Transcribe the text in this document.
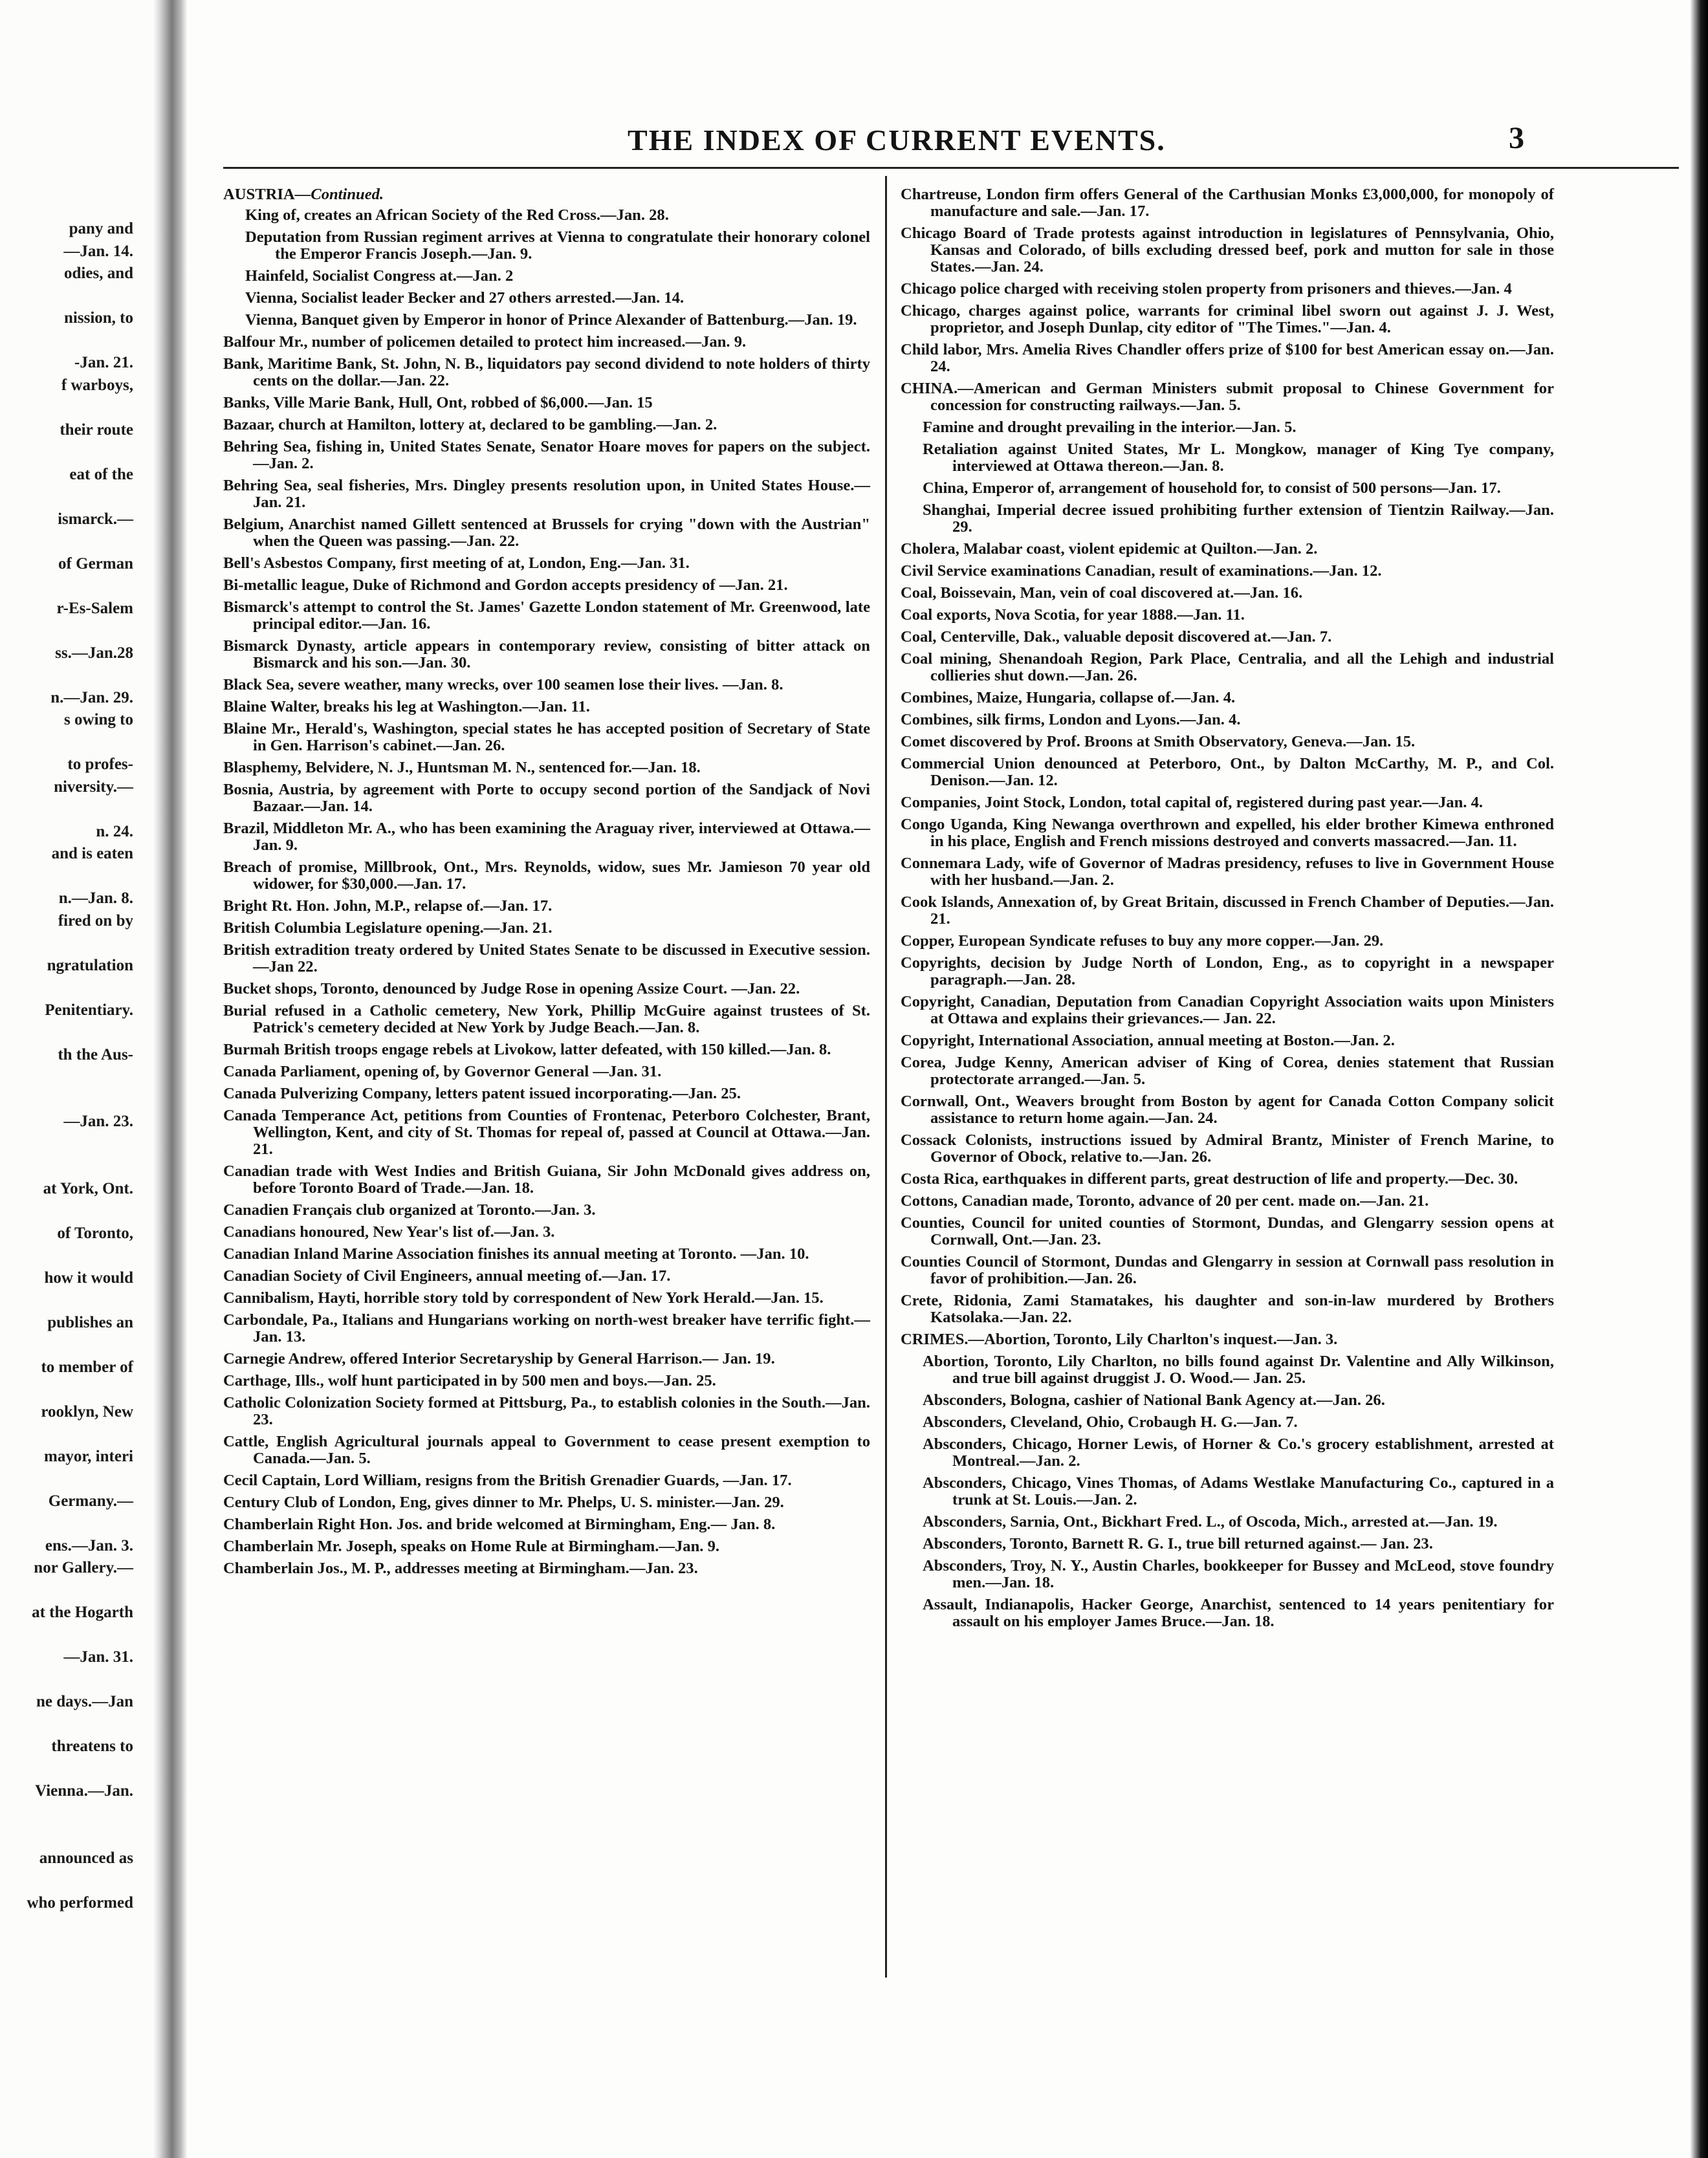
pany and
—Jan. 14.
odies, and
nission, to
-Jan. 21.
f warboys,
their route
eat of the
ismarck.—
of German
r-Es-Salem
ss.—Jan.28
n.—Jan. 29.
s owing to
to profes-
niversity.—
n. 24.
and is eaten
n.—Jan. 8.
fired on by
ngratulation
Penitentiary.
th the Aus-
—Jan. 23.
at York, Ont.
of Toronto,
how it would
publishes an
to member of
rooklyn, New
mayor, interi
Germany.—
ens.—Jan. 3.
nor Gallery.—
at the Hogarth
—Jan. 31.
ne days.—Jan
threatens to
Vienna.—Jan.
announced as
who performed
THE INDEX OF CURRENT EVENTS.	3
AUSTRIA—Continued.

King of, creates an African Society of the Red Cross.—Jan. 28.

Deputation from Russian regiment arrives at Vienna to congratulate their honorary colonel the Emperor Francis Joseph.—Jan. 9.

Hainfeld, Socialist Congress at.—Jan. 2

Vienna, Socialist leader Becker and 27 others arrested.—Jan. 14.

Vienna, Banquet given by Emperor in honor of Prince Alexander of Battenburg.—Jan. 19.

Balfour Mr., number of policemen detailed to protect him increased.—Jan. 9.

Bank, Maritime Bank, St. John, N. B., liquidators pay second dividend to note holders of thirty cents on the dollar.—Jan. 22.

Banks, Ville Marie Bank, Hull, Ont, robbed of $6,000.—Jan. 15

Bazaar, church at Hamilton, lottery at, declared to be gambling.—Jan. 2.

Behring Sea, fishing in, United States Senate, Senator Hoare moves for papers on the subject.—Jan. 2.

Behring Sea, seal fisheries, Mrs. Dingley presents resolution upon, in United States House.—Jan. 21.

Belgium, Anarchist named Gillett sentenced at Brussels for crying "down with the Austrian" when the Queen was passing.—Jan. 22.

Bell's Asbestos Company, first meeting of at, London, Eng.—Jan. 31.

Bi-metallic league, Duke of Richmond and Gordon accepts presidency of —Jan. 21.

Bismarck's attempt to control the St. James' Gazette London statement of Mr. Greenwood, late principal editor.—Jan. 16.

Bismarck Dynasty, article appears in contemporary review, consisting of bitter attack on Bismarck and his son.—Jan. 30.

Black Sea, severe weather, many wrecks, over 100 seamen lose their lives. —Jan. 8.

Blaine Walter, breaks his leg at Washington.—Jan. 11.

Blaine Mr., Herald's, Washington, special states he has accepted position of Secretary of State in Gen. Harrison's cabinet.—Jan. 26.

Blasphemy, Belvidere, N. J., Huntsman M. N., sentenced for.—Jan. 18.

Bosnia, Austria, by agreement with Porte to occupy second portion of the Sandjack of Novi Bazaar.—Jan. 14.

Brazil, Middleton Mr. A., who has been examining the Araguay river, interviewed at Ottawa.—Jan. 9.

Breach of promise, Millbrook, Ont., Mrs. Reynolds, widow, sues Mr. Jamieson 70 year old widower, for $30,000.—Jan. 17.

Bright Rt. Hon. John, M.P., relapse of.—Jan. 17.

British Columbia Legislature opening.—Jan. 21.

British extradition treaty ordered by United States Senate to be discussed in Executive session.—Jan 22.

Bucket shops, Toronto, denounced by Judge Rose in opening Assize Court. —Jan. 22.

Burial refused in a Catholic cemetery, New York, Phillip McGuire against trustees of St. Patrick's cemetery decided at New York by Judge Beach.—Jan. 8.

Burmah British troops engage rebels at Livokow, latter defeated, with 150 killed.—Jan. 8.

Canada Parliament, opening of, by Governor General —Jan. 31.

Canada Pulverizing Company, letters patent issued incorporating.—Jan. 25.

Canada Temperance Act, petitions from Counties of Frontenac, Peterboro Colchester, Brant, Wellington, Kent, and city of St. Thomas for repeal of, passed at Council at Ottawa.—Jan. 21.

Canadian trade with West Indies and British Guiana, Sir John McDonald gives address on, before Toronto Board of Trade.—Jan. 18.

Canadien Français club organized at Toronto.—Jan. 3.

Canadians honoured, New Year's list of.—Jan. 3.

Canadian Inland Marine Association finishes its annual meeting at Toronto. —Jan. 10.

Canadian Society of Civil Engineers, annual meeting of.—Jan. 17.

Cannibalism, Hayti, horrible story told by correspondent of New York Herald.—Jan. 15.

Carbondale, Pa., Italians and Hungarians working on north-west breaker have terrific fight.—Jan. 13.

Carnegie Andrew, offered Interior Secretaryship by General Harrison.— Jan. 19.

Carthage, Ills., wolf hunt participated in by 500 men and boys.—Jan. 25.

Catholic Colonization Society formed at Pittsburg, Pa., to establish colonies in the South.—Jan. 23.

Cattle, English Agricultural journals appeal to Government to cease present exemption to Canada.—Jan. 5.

Cecil Captain, Lord William, resigns from the British Grenadier Guards, —Jan. 17.

Century Club of London, Eng, gives dinner to Mr. Phelps, U. S. minister.—Jan. 29.

Chamberlain Right Hon. Jos. and bride welcomed at Birmingham, Eng.— Jan. 8.

Chamberlain Mr. Joseph, speaks on Home Rule at Birmingham.—Jan. 9.

Chamberlain Jos., M. P., addresses meeting at Birmingham.—Jan. 23.

Chartreuse, London firm offers General of the Carthusian Monks £3,000,000, for monopoly of manufacture and sale.—Jan. 17.

Chicago Board of Trade protests against introduction in legislatures of Pennsylvania, Ohio, Kansas and Colorado, of bills excluding dressed beef, pork and mutton for sale in those States.—Jan. 24.

Chicago police charged with receiving stolen property from prisoners and thieves.—Jan. 4

Chicago, charges against police, warrants for criminal libel sworn out against J. J. West, proprietor, and Joseph Dunlap, city editor of "The Times."—Jan. 4.

Child labor, Mrs. Amelia Rives Chandler offers prize of $100 for best American essay on.—Jan. 24.

CHINA.—American and German Ministers submit proposal to Chinese Government for concession for constructing railways.—Jan. 5.

Famine and drought prevailing in the interior.—Jan. 5.

Retaliation against United States, Mr L. Mongkow, manager of King Tye company, interviewed at Ottawa thereon.—Jan. 8.

China, Emperor of, arrangement of household for, to consist of 500 persons—Jan. 17.

Shanghai, Imperial decree issued prohibiting further extension of Tientzin Railway.—Jan. 29.

Cholera, Malabar coast, violent epidemic at Quilton.—Jan. 2.

Civil Service examinations Canadian, result of examinations.—Jan. 12.

Coal, Boissevain, Man, vein of coal discovered at.—Jan. 16.

Coal exports, Nova Scotia, for year 1888.—Jan. 11.

Coal, Centerville, Dak., valuable deposit discovered at.—Jan. 7.

Coal mining, Shenandoah Region, Park Place, Centralia, and all the Lehigh and industrial collieries shut down.—Jan. 26.

Combines, Maize, Hungaria, collapse of.—Jan. 4.

Combines, silk firms, London and Lyons.—Jan. 4.

Comet discovered by Prof. Broons at Smith Observatory, Geneva.—Jan. 15.

Commercial Union denounced at Peterboro, Ont., by Dalton McCarthy, M. P., and Col. Denison.—Jan. 12.

Companies, Joint Stock, London, total capital of, registered during past year.—Jan. 4.

Congo Uganda, King Newanga overthrown and expelled, his elder brother Kimewa enthroned in his place, English and French missions destroyed and converts massacred.—Jan. 11.

Connemara Lady, wife of Governor of Madras presidency, refuses to live in Government House with her husband.—Jan. 2.

Cook Islands, Annexation of, by Great Britain, discussed in French Chamber of Deputies.—Jan. 21.

Copper, European Syndicate refuses to buy any more copper.—Jan. 29.

Copyrights, decision by Judge North of London, Eng., as to copyright in a newspaper paragraph.—Jan. 28.

Copyright, Canadian, Deputation from Canadian Copyright Association waits upon Ministers at Ottawa and explains their grievances.— Jan. 22.

Copyright, International Association, annual meeting at Boston.—Jan. 2.

Corea, Judge Kenny, American adviser of King of Corea, denies statement that Russian protectorate arranged.—Jan. 5.

Cornwall, Ont., Weavers brought from Boston by agent for Canada Cotton Company solicit assistance to return home again.—Jan. 24.

Cossack Colonists, instructions issued by Admiral Brantz, Minister of French Marine, to Governor of Obock, relative to.—Jan. 26.

Costa Rica, earthquakes in different parts, great destruction of life and property.—Dec. 30.

Cottons, Canadian made, Toronto, advance of 20 per cent. made on.—Jan. 21.

Counties, Council for united counties of Stormont, Dundas, and Glengarry session opens at Cornwall, Ont.—Jan. 23.

Counties Council of Stormont, Dundas and Glengarry in session at Cornwall pass resolution in favor of prohibition.—Jan. 26.

Crete, Ridonia, Zami Stamatakes, his daughter and son-in-law murdered by Brothers Katsolaka.—Jan. 22.

CRIMES.—Abortion, Toronto, Lily Charlton's inquest.—Jan. 3.

Abortion, Toronto, Lily Charlton, no bills found against Dr. Valentine and Ally Wilkinson, and true bill against druggist J. O. Wood.— Jan. 25.

Absconders, Bologna, cashier of National Bank Agency at.—Jan. 26.

Absconders, Cleveland, Ohio, Crobaugh H. G.—Jan. 7.

Absconders, Chicago, Horner Lewis, of Horner & Co.'s grocery establishment, arrested at Montreal.—Jan. 2.

Absconders, Chicago, Vines Thomas, of Adams Westlake Manufacturing Co., captured in a trunk at St. Louis.—Jan. 2.

Absconders, Sarnia, Ont., Bickhart Fred. L., of Oscoda, Mich., arrested at.—Jan. 19.

Absconders, Toronto, Barnett R. G. I., true bill returned against.— Jan. 23.

Absconders, Troy, N. Y., Austin Charles, bookkeeper for Bussey and McLeod, stove foundry men.—Jan. 18.

Assault, Indianapolis, Hacker George, Anarchist, sentenced to 14 years penitentiary for assault on his employer James Bruce.—Jan. 18.
